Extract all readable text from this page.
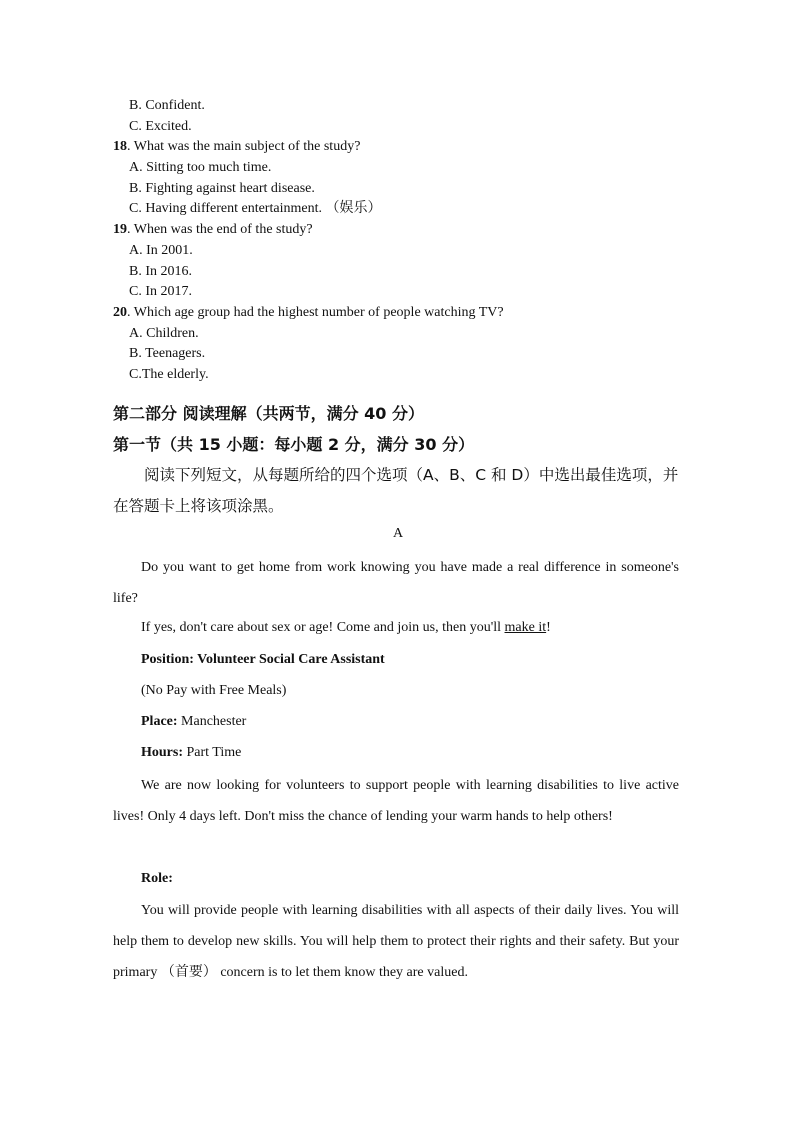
B. Confident.
C. Excited.
18. What was the main subject of the study?
A. Sitting too much time.
B. Fighting against heart disease.
C. Having different entertainment. （娱乐）
19. When was the end of the study?
A. In 2001.
B. In 2016.
C. In 2017.
20. Which age group had the highest number of people watching TV?
A. Children.
B. Teenagers.
C.The elderly.
第二部分 阅读理解（共两节，满分 40 分）
第一节（共 15 小题：每小题 2 分，满分 30 分）

阅读下列短文，从每题所给的四个选项（A、B、C 和 D）中选出最佳选项，并在答题卡上将该项涂黑。

A
Do you want to get home from work knowing you have made a real difference in someone's life?
If yes, don't care about sex or age! Come and join us, then you'll make it!
Position: Volunteer Social Care Assistant
(No Pay with Free Meals)
Place: Manchester
Hours: Part Time
We are now looking for volunteers to support people with learning disabilities to live active lives! Only 4 days left. Don't miss the chance of lending your warm hands to help others!
Role:
You will provide people with learning disabilities with all aspects of their daily lives. You will help them to develop new skills. You will help them to protect their rights and their safety. But your primary （首要） concern is to let them know they are valued.
